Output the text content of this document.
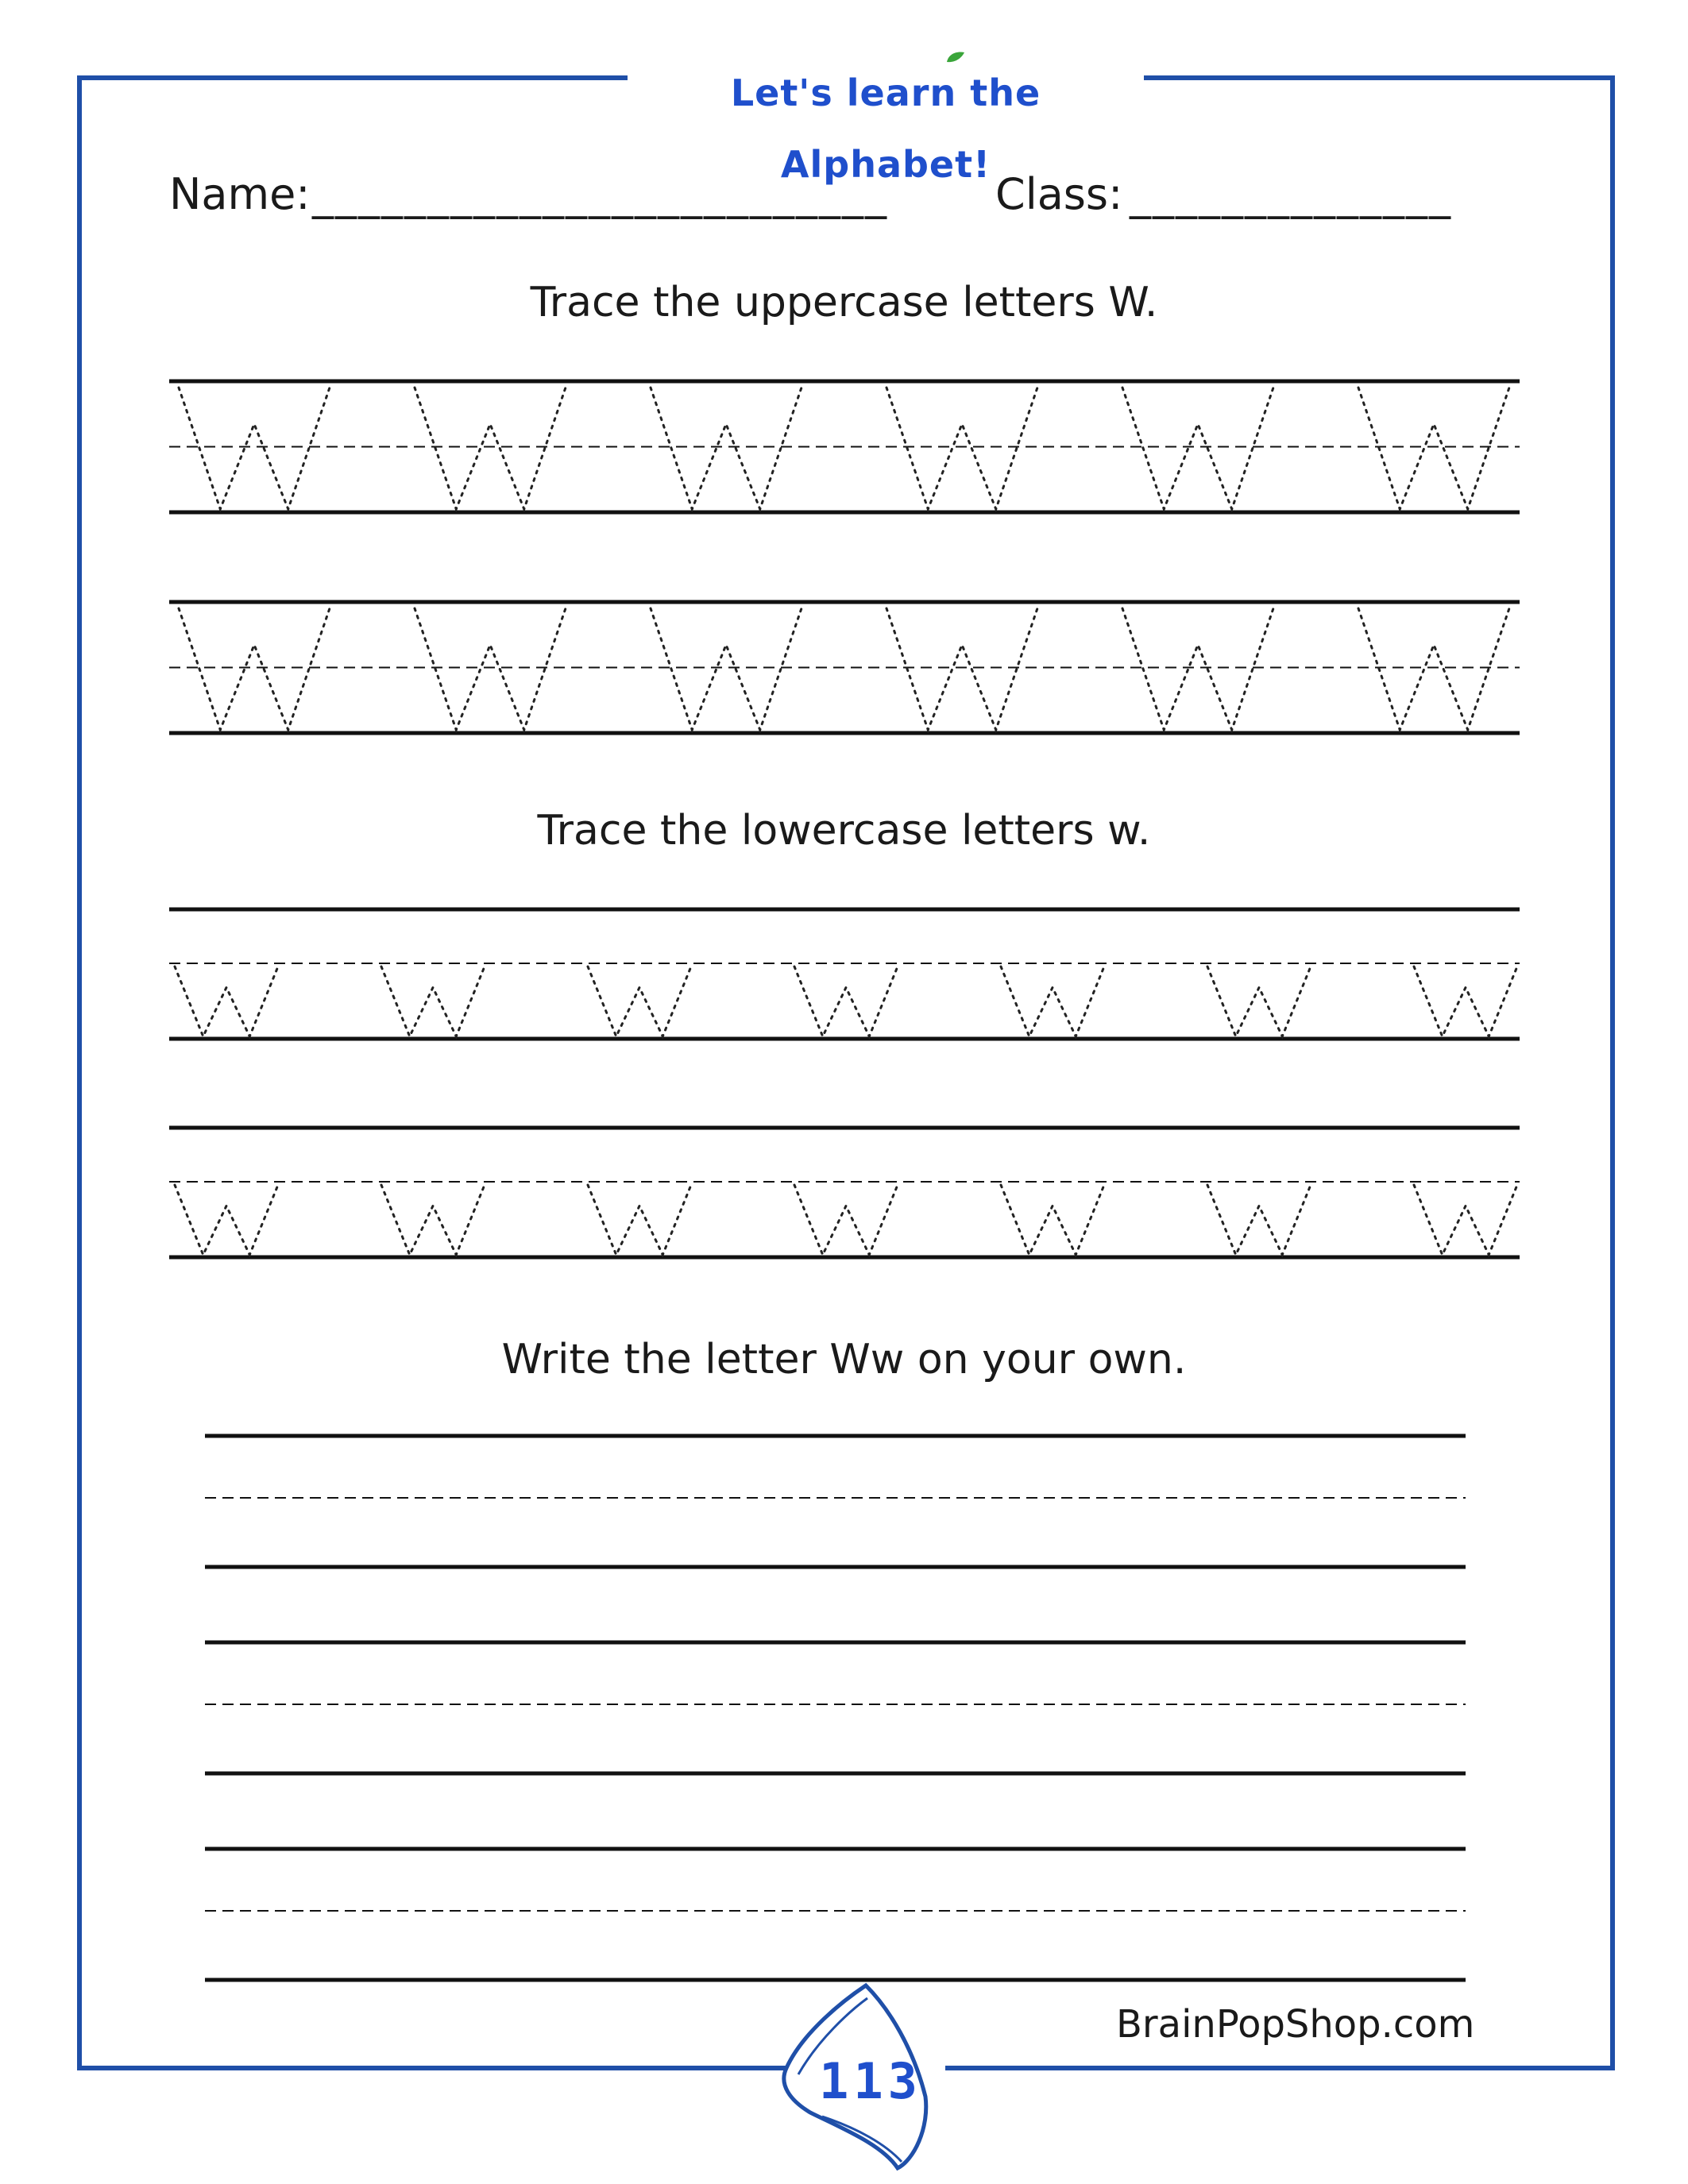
Let's learn the Alphabet!
Name: _________________________	Class: ______________
Trace the uppercase letters W.
Trace the lowercase letters w.
Write the letter Ww on your own.
113
BrainPopShop.com
